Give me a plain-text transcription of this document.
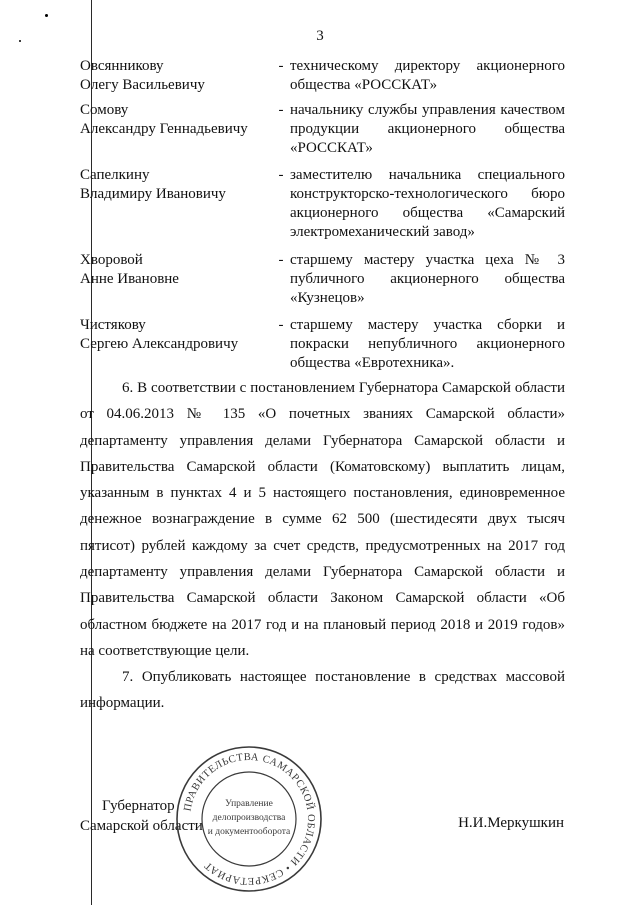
3
Овсянникову
Олегу Васильевичу
- техническому директору акционерного общества «РОССКАТ»
Сомову
Александру Геннадьевичу
- начальнику службы управления качеством продукции акционерного общества «РОССКАТ»
Сапелкину
Владимиру Ивановичу
- заместителю начальника специального конструкторско-технологического бюро акционерного общества «Самарский электромеханический завод»
Хворовой
Анне Ивановне
- старшему мастеру участка цеха № 3 публичного акционерного общества «Кузнецов»
Чистякову
Сергею Александровичу
- старшему мастеру участка сборки и покраски непубличного акционерного общества «Евротехника».

6. В соответствии с постановлением Губернатора Самарской области от 04.06.2013 № 135 «О почетных званиях Самарской области» департаменту управления делами Губернатора Самарской области и Правительства Самарской области (Коматовскому) выплатить лицам, указанным в пунктах 4 и 5 настоящего постановления, единовременное денежное вознаграждение в сумме 62 500 (шестидесяти двух тысяч пятисот) рублей каждому за счет средств, предусмотренных на 2017 год департаменту управления делами Губернатора Самарской области и Правительства Самарской области Законом Самарской области «Об областном бюджете на 2017 год и на плановый период 2018 и 2019 годов» на соответствующие цели.

7. Опубликовать настоящее постановление в средствах массовой информации.

Губернатор
Самарской области
ПРАВИТЕЛЬСТВА САМАРСКОЙ ОБЛАСТИ • СЕКРЕТАРИАТ
Управление
делопроизводства
и документооборота
Н.И.Меркушкин
